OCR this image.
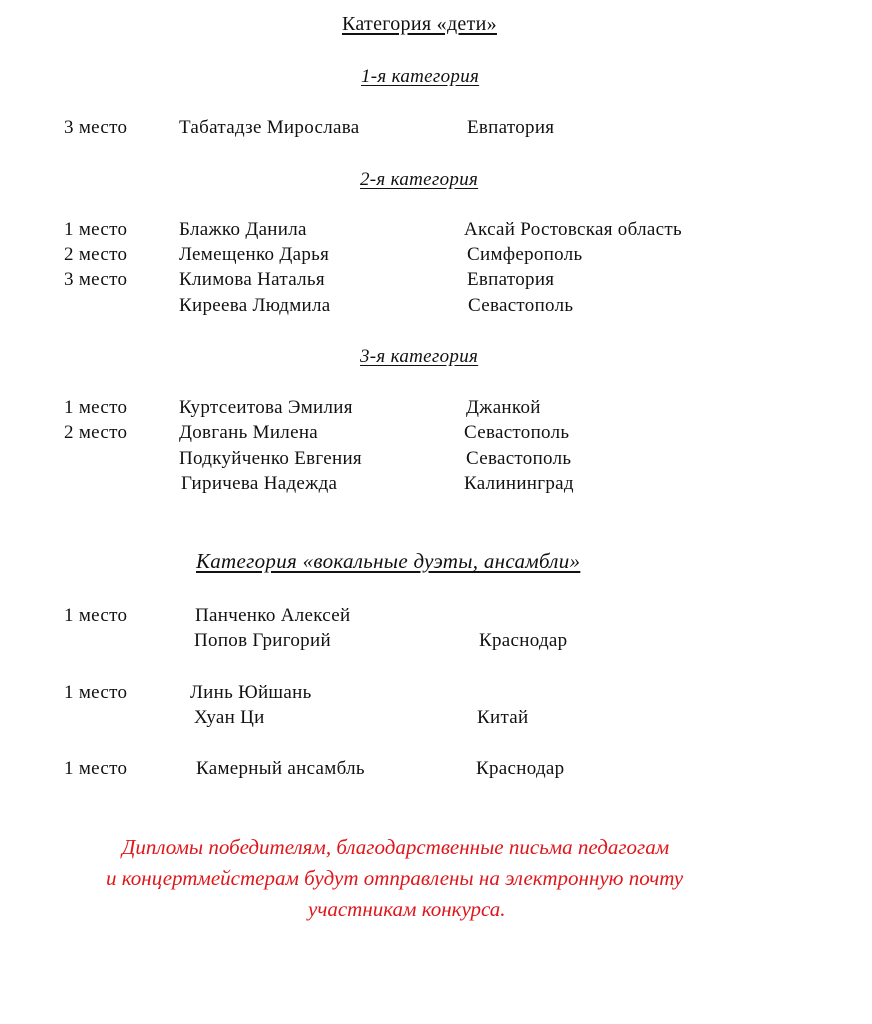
Категория «дети»
1-я категория
3 место	Табатадзе Мирослава	Евпатория
2-я категория
1 место	Блажко Данила	Аксай Ростовская область
2 место	Лемещенко Дарья	Симферополь
3 место	Климова Наталья	Евпатория
Киреева Людмила	Севастополь
3-я категория
1 место	Куртсеитова Эмилия	Джанкой
2 место	Довгань Милена	Севастополь
Подкуйченко Евгения	Севастополь
Гиричева Надежда	Калининград
Категория «вокальные дуэты, ансамбли»
1 место	Панченко Алексей
Попов Григорий	Краснодар
1 место	Линь Юйшань
Хуан Ци	Китай
1 место	Камерный ансамбль	Краснодар
Дипломы победителям, благодарственные письма педагогам
и концертмейстерам будут отправлены на электронную почту
участникам конкурса.
